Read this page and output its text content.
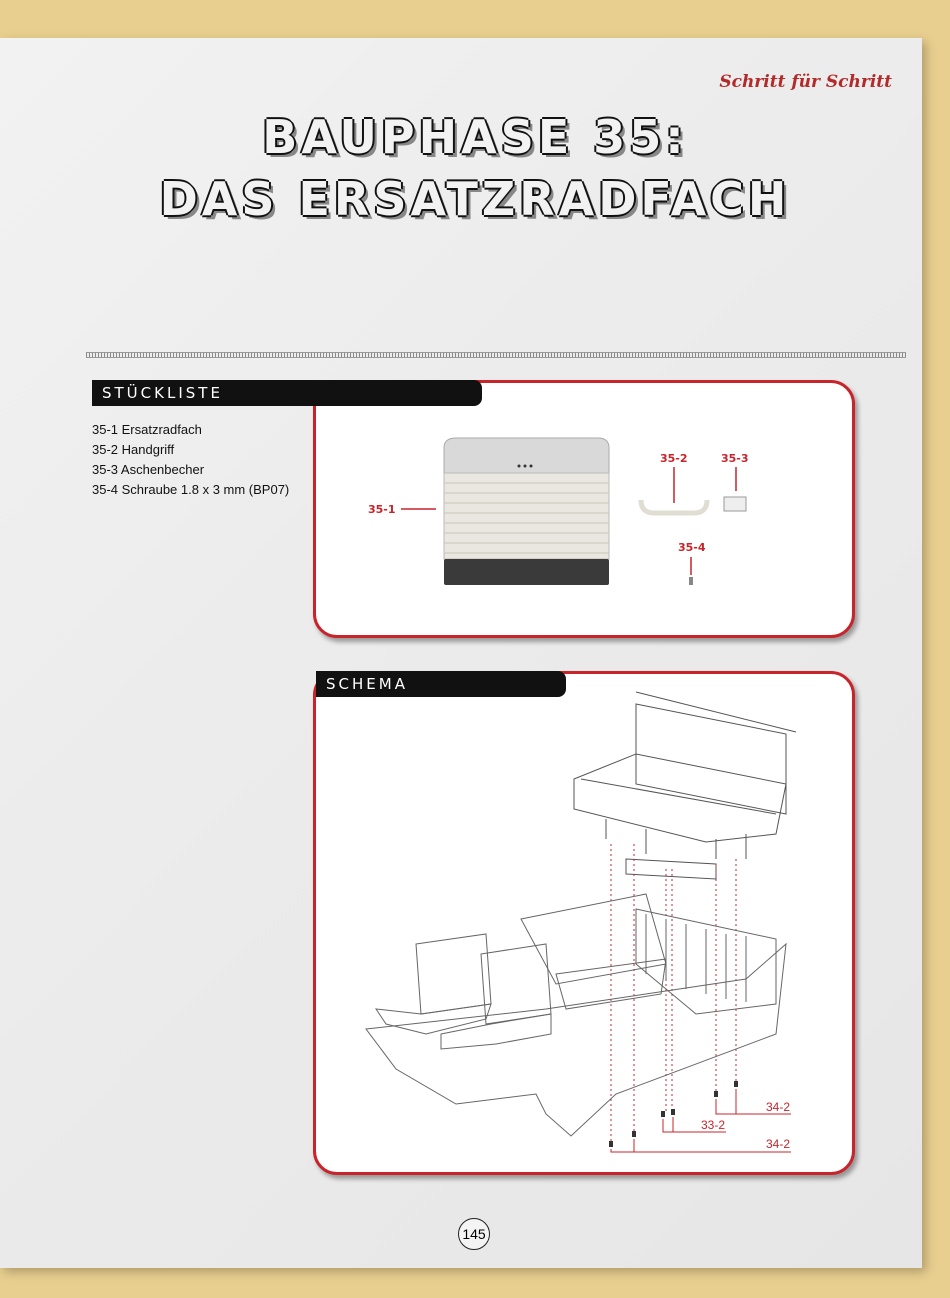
Schritt für Schritt
BAUPHASE 35:
DAS ERSATZRADFACH
35-1
35-2	35-3
35-4
STÜCKLISTE
35-1 Ersatzradfach
35-2 Handgriff
35-3 Aschenbecher
35-4 Schraube 1.8 x 3 mm (BP07)
34-2
33-2
34-2
SCHEMA
145
